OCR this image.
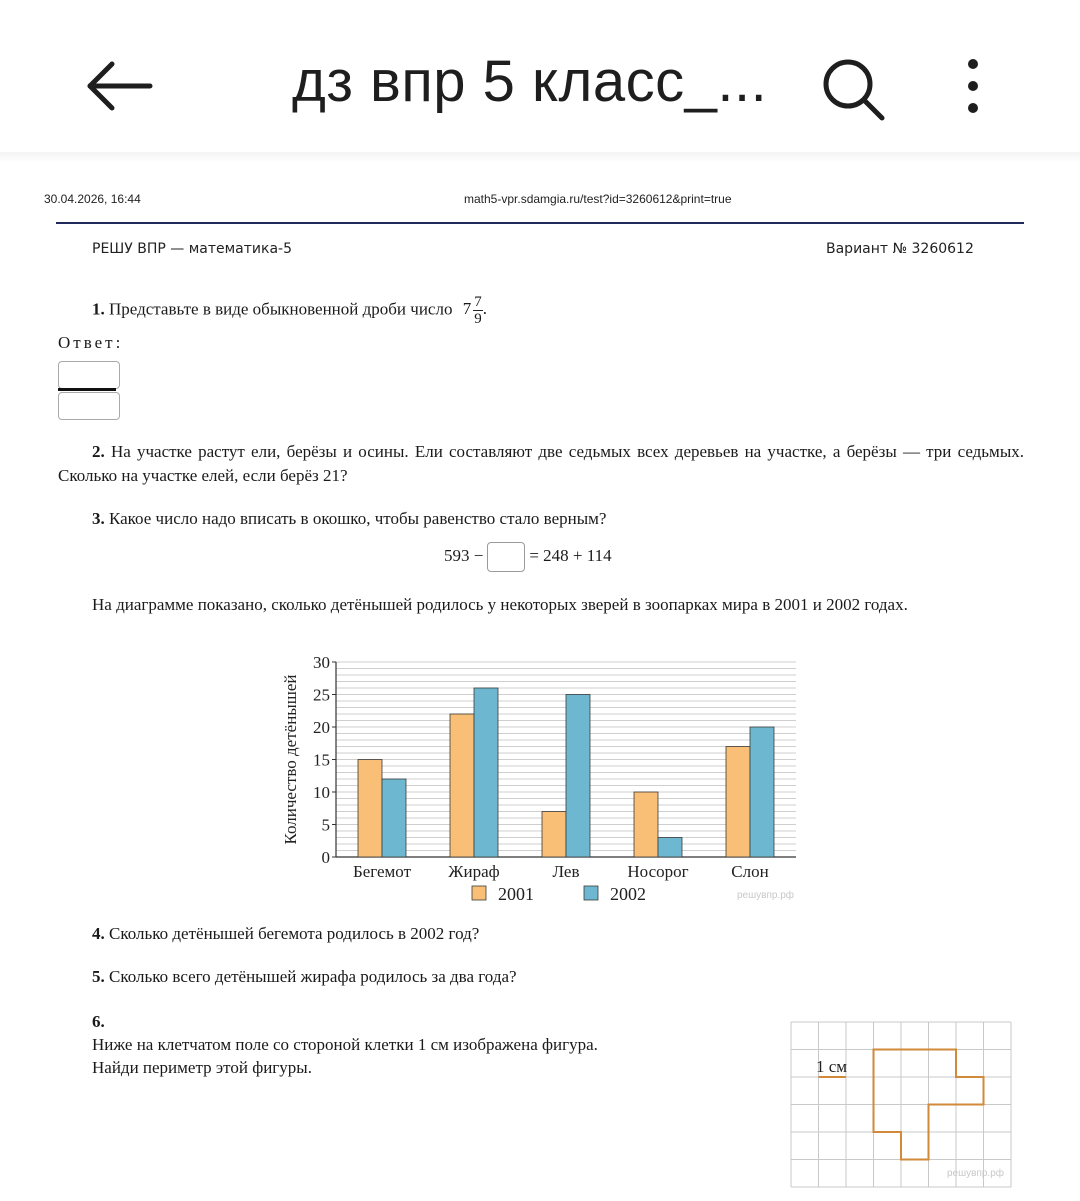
дз впр 5 класс_...
30.04.2026, 16:44	math5-vpr.sdamgia.ru/test?id=3260612&print=true
РЕШУ ВПР — математика-5	Вариант № 3260612
1. Представьте в виде обыкновенной дроби число $7 \frac{7}{9}$ .
Ответ:
2. На участке растут ели, берёзы и осины. Ели составляют две седьмых всех деревьев на участке, а берёзы — три седьмых. Сколько на участке елей, если берёз 21?
3. Какое число надо вписать в окошко, чтобы равенство стало верным?
593 −	= 248 + 114
На диаграмме показано, сколько детёнышей родилось у некоторых зверей в зоопарках мира в 2001 и 2002 годах.
0
5
10
15
20
25
30
Количество детёнышей
Бегемот Жираф	Лев	Носорог	Слон
2001	2002	решувпр.рф
4. Сколько детёнышей бегемота родилось в 2002 год?
5. Сколько всего детёнышей жирафа родилось за два года?
6.
Ниже на клетчатом поле со стороной клетки 1 см изображена фигура.
Найди периметр этой фигуры.	1 см
решувпр.рф
